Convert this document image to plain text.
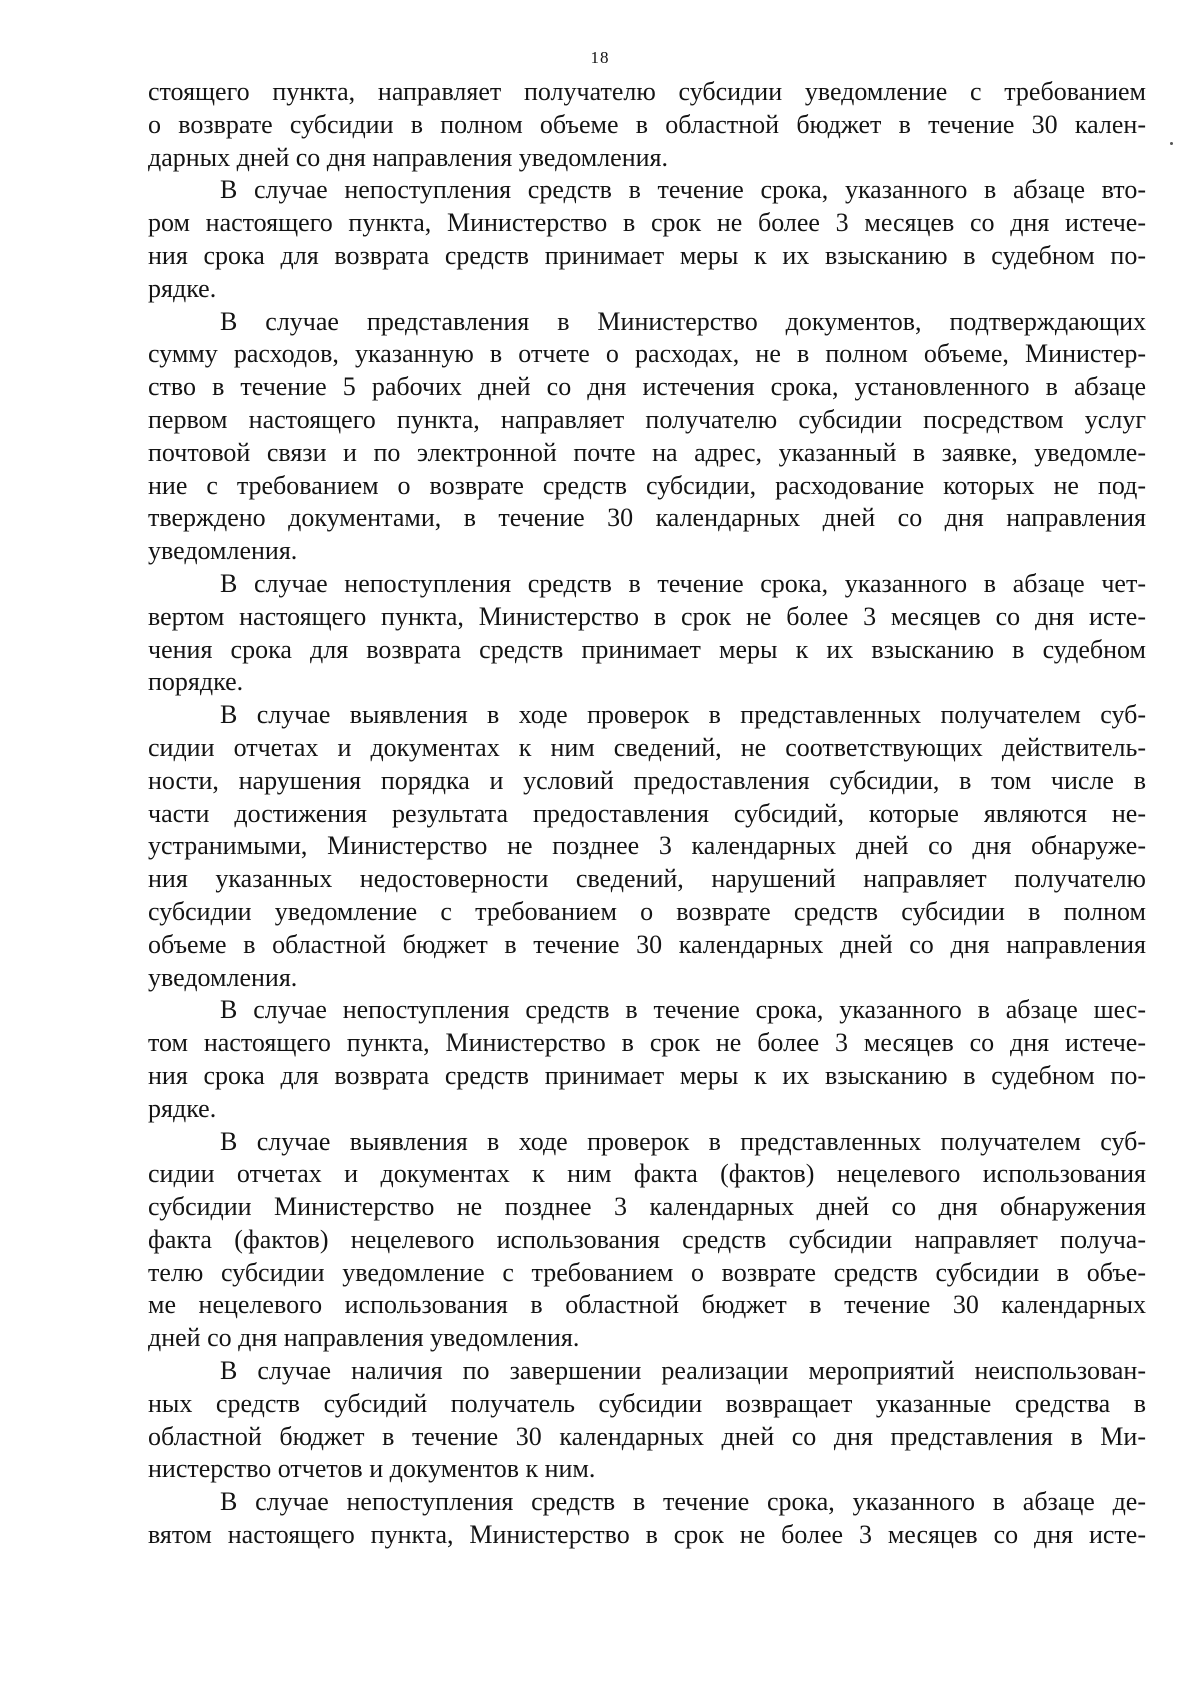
18
стоящего пункта, направляет получателю субсидии уведомление с требованием
о возврате субсидии в полном объеме в областной бюджет в течение 30 кален-
дарных дней со дня направления уведомления.
В случае непоступления средств в течение срока, указанного в абзаце вто-
ром настоящего пункта, Министерство в срок не более 3 месяцев со дня истече-
ния срока для возврата средств принимает меры к их взысканию в судебном по-
рядке.
В случае представления в Министерство документов, подтверждающих
сумму расходов, указанную в отчете о расходах, не в полном объеме, Министер-
ство в течение 5 рабочих дней со дня истечения срока, установленного в абзаце
первом настоящего пункта, направляет получателю субсидии посредством услуг
почтовой связи и по электронной почте на адрес, указанный в заявке, уведомле-
ние с требованием о возврате средств субсидии, расходование которых не под-
тверждено документами, в течение 30 календарных дней со дня направления
уведомления.
В случае непоступления средств в течение срока, указанного в абзаце чет-
вертом настоящего пункта, Министерство в срок не более 3 месяцев со дня исте-
чения срока для возврата средств принимает меры к их взысканию в судебном
порядке.
В случае выявления в ходе проверок в представленных получателем суб-
сидии отчетах и документах к ним сведений, не соответствующих действитель-
ности, нарушения порядка и условий предоставления субсидии, в том числе в
части достижения результата предоставления субсидий, которые являются не-
устранимыми, Министерство не позднее 3 календарных дней со дня обнаруже-
ния указанных недостоверности сведений, нарушений направляет получателю
субсидии уведомление с требованием о возврате средств субсидии в полном
объеме в областной бюджет в течение 30 календарных дней со дня направления
уведомления.
В случае непоступления средств в течение срока, указанного в абзаце шес-
том настоящего пункта, Министерство в срок не более 3 месяцев со дня истече-
ния срока для возврата средств принимает меры к их взысканию в судебном по-
рядке.
В случае выявления в ходе проверок в представленных получателем суб-
сидии отчетах и документах к ним факта (фактов) нецелевого использования
субсидии Министерство не позднее 3 календарных дней со дня обнаружения
факта (фактов) нецелевого использования средств субсидии направляет получа-
телю субсидии уведомление с требованием о возврате средств субсидии в объе-
ме нецелевого использования в областной бюджет в течение 30 календарных
дней со дня направления уведомления.
В случае наличия по завершении реализации мероприятий неиспользован-
ных средств субсидий получатель субсидии возвращает указанные средства в
областной бюджет в течение 30 календарных дней со дня представления в Ми-
нистерство отчетов и документов к ним.
В случае непоступления средств в течение срока, указанного в абзаце де-
вятом настоящего пункта, Министерство в срок не более 3 месяцев со дня исте-
